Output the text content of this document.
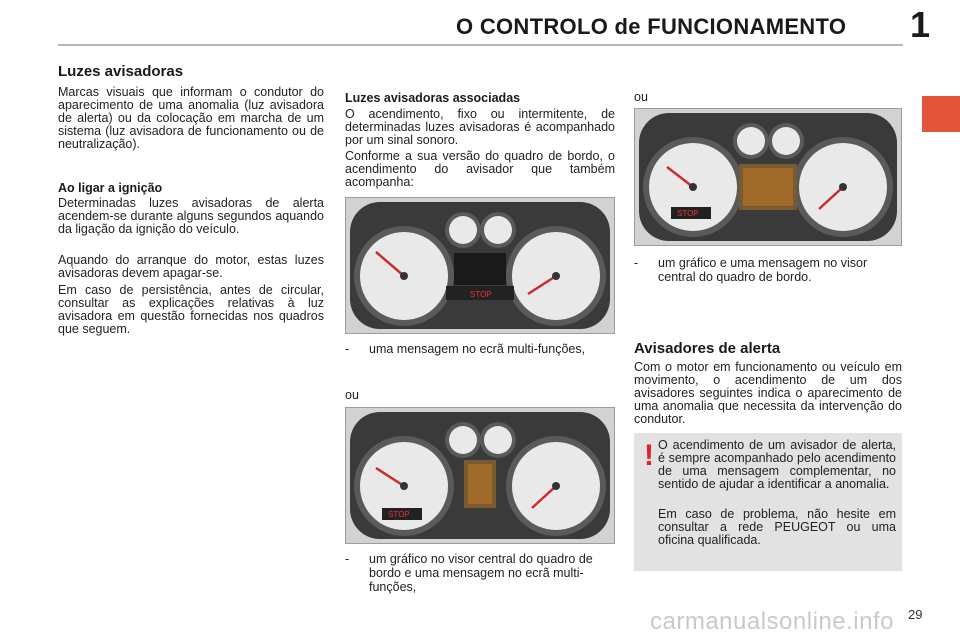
O CONTROLO de FUNCIONAMENTO 1
Luzes avisadoras

Marcas visuais que informam o condutor do aparecimento de uma anomalia (luz avisadora de alerta) ou da colocação em marcha de um sistema (luz avisadora de funcionamento ou de neutralização).

Ao ligar a ignição

Determinadas luzes avisadoras de alerta acendem-se durante alguns segundos aquando da ligação da ignição do veículo.

Aquando do arranque do motor, estas luzes avisadoras devem apagar-se.

Em caso de persistência, antes de circular, consultar as explicações relativas à luz avisadora em questão fornecidas nos quadros que seguem.

Luzes avisadoras associadas

O acendimento, fixo ou intermitente, de determinadas luzes avisadoras é acompanhado por um sinal sonoro.

Conforme a sua versão do quadro de bordo, o acendimento do avisador que também acompanha:

STOP
-	uma mensagem no ecrã multi-funções,
ou
STOP
-	um gráfico no visor central do quadro de bordo e uma mensagem no ecrã multi-funções,
ou
STOP
-	um gráfico e uma mensagem no visor central do quadro de bordo.
Avisadores de alerta

Com o motor em funcionamento ou veículo em movimento, o acendimento de um dos avisadores seguintes indica o aparecimento de uma anomalia que necessita da intervenção do condutor.

! O acendimento de um avisador de alerta, é sempre acompanhado pelo acendimento de uma mensagem complementar, no sentido de ajudar a identificar a anomalia.

Em caso de problema, não hesite em consultar a rede PEUGEOT ou uma oficina qualificada.

carmanualsonline.info 29
